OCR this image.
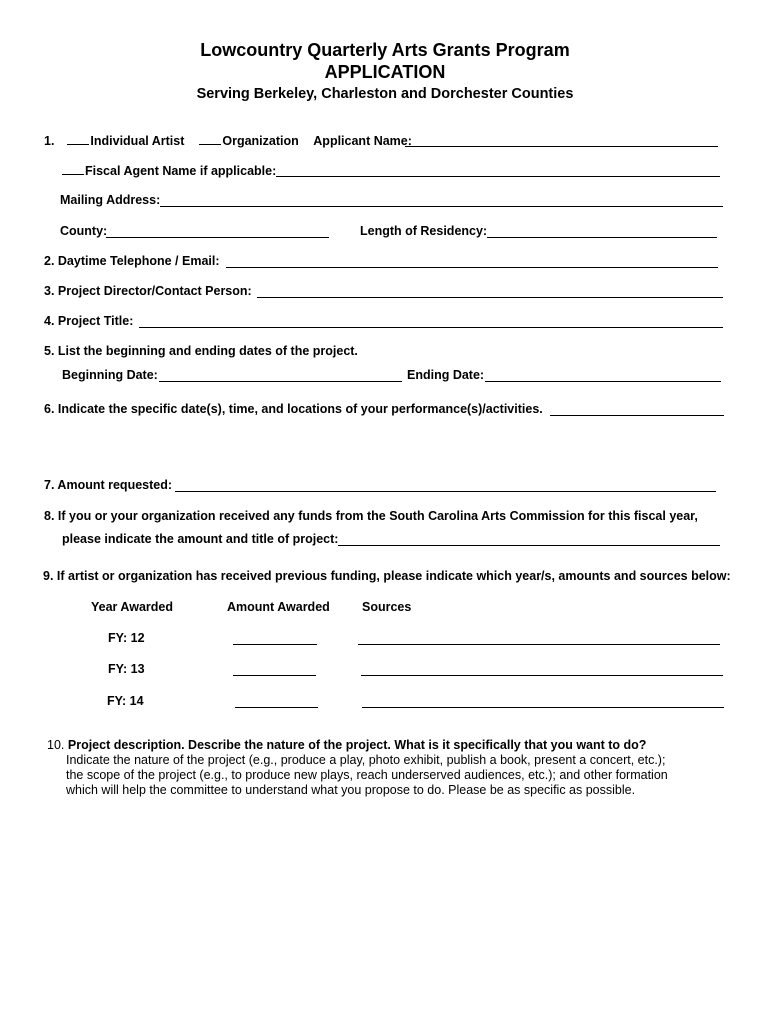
Lowcountry Quarterly Arts Grants Program
APPLICATION
Serving Berkeley, Charleston and Dorchester Counties
1.	Individual Artist	Organization Applicant Name:
Fiscal Agent Name if applicable:
Mailing Address:
County:	Length of Residency:
2. Daytime Telephone / Email:
3. Project Director/Contact Person:
4. Project Title:
5. List the beginning and ending dates of the project.
Beginning Date:	Ending Date:
6. Indicate the specific date(s), time, and locations of your performance(s)/activities.
7. Amount requested:
8. If you or your organization received any funds from the South Carolina Arts Commission for this fiscal year,
please indicate the amount and title of project:
9. If artist or organization has received previous funding, please indicate which year/s, amounts and sources below:
Year Awarded	Amount Awarded	Sources
FY: 12
FY: 13
FY: 14
10. Project description. Describe the nature of the project. What is it specifically that you want to do?
Indicate the nature of the project (e.g., produce a play, photo exhibit, publish a book, present a concert, etc.);
the scope of the project (e.g., to produce new plays, reach underserved audiences, etc.); and other formation
which will help the committee to understand what you propose to do. Please be as specific as possible.
